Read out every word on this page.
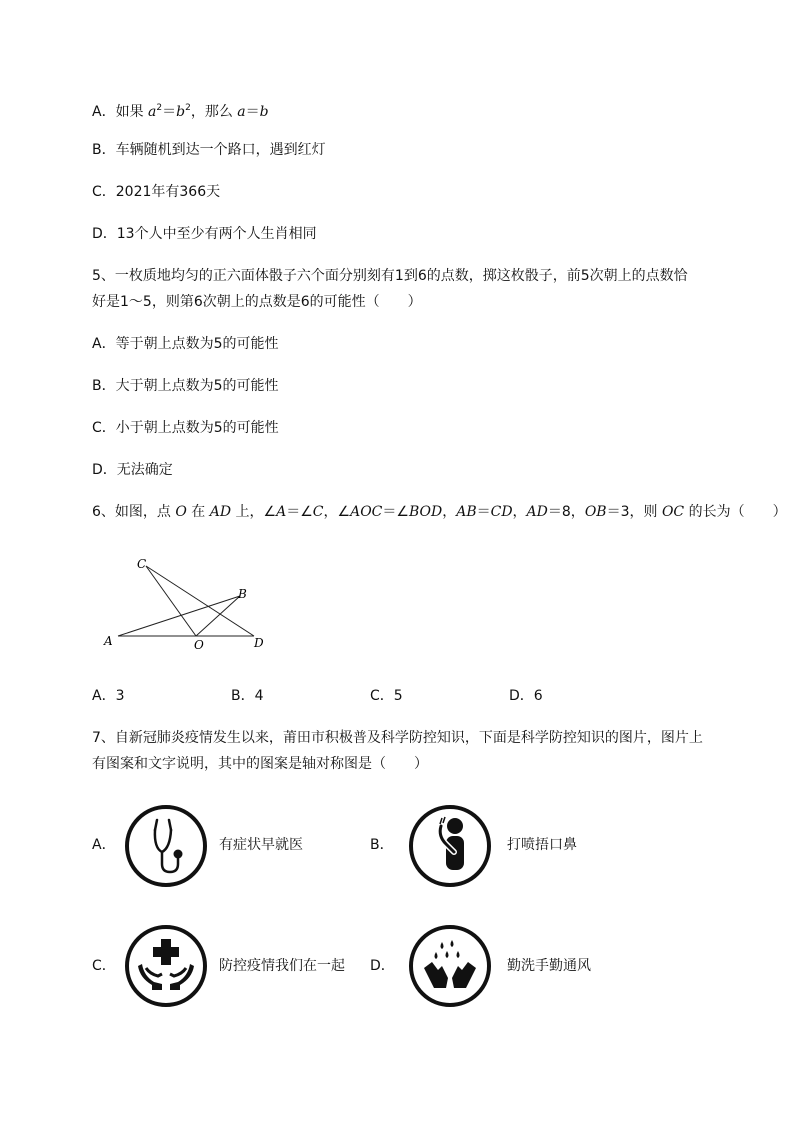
A．如果 $a^2=b^2$，那么 a＝b
B．车辆随机到达一个路口，遇到红灯
C．2021年有366天
D．13个人中至少有两个人生肖相同
5、一枚质地均匀的正六面体骰子六个面分别刻有1到6的点数，掷这枚骰子，前5次朝上的点数恰
好是1～5，则第6次朝上的点数是6的可能性（　　）
A．等于朝上点数为5的可能性
B．大于朝上点数为5的可能性
C．小于朝上点数为5的可能性
D．无法确定
6、如图，点 O 在 AD 上，∠A＝∠C，∠AOC＝∠BOD，AB＝CD，AD＝8，OB＝3，则 OC 的长为（　　）
C
B
A	O	D
A．3	B．4	C．5	D．6
7、自新冠肺炎疫情发生以来，莆田市积极普及科学防控知识，下面是科学防控知识的图片，图片上
有图案和文字说明，其中的图案是轴对称图是（　　）
A．	有症状早就医	B．	打喷捂口鼻
C．	防控疫情我们在一起 D．	勤洗手勤通风
